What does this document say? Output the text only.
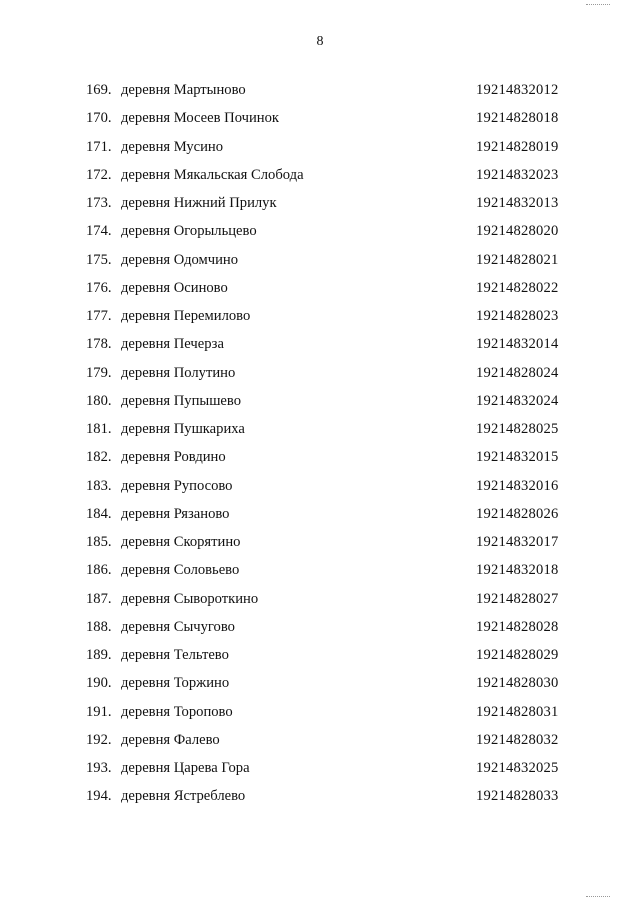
8
169. деревня Мартыново	19214832012
170. деревня Мосеев Починок	19214828018
171. деревня Мусино	19214828019
172. деревня Мякальская Слобода	19214832023
173. деревня Нижний Прилук	19214832013
174. деревня Огорыльцево	19214828020
175. деревня Одомчино	19214828021
176. деревня Осиново	19214828022
177. деревня Перемилово	19214828023
178. деревня Печерза	19214832014
179. деревня Полутино	19214828024
180. деревня Пупышево	19214832024
181. деревня Пушкариха	19214828025
182. деревня Ровдино	19214832015
183. деревня Рупосово	19214832016
184. деревня Рязаново	19214828026
185. деревня Скорятино	19214832017
186. деревня Соловьево	19214832018
187. деревня Сывороткино	19214828027
188. деревня Сычугово	19214828028
189. деревня Тельтево	19214828029
190. деревня Торжино	19214828030
191. деревня Торопово	19214828031
192. деревня Фалево	19214828032
193. деревня Царева Гора	19214832025
194. деревня Ястреблево	19214828033
